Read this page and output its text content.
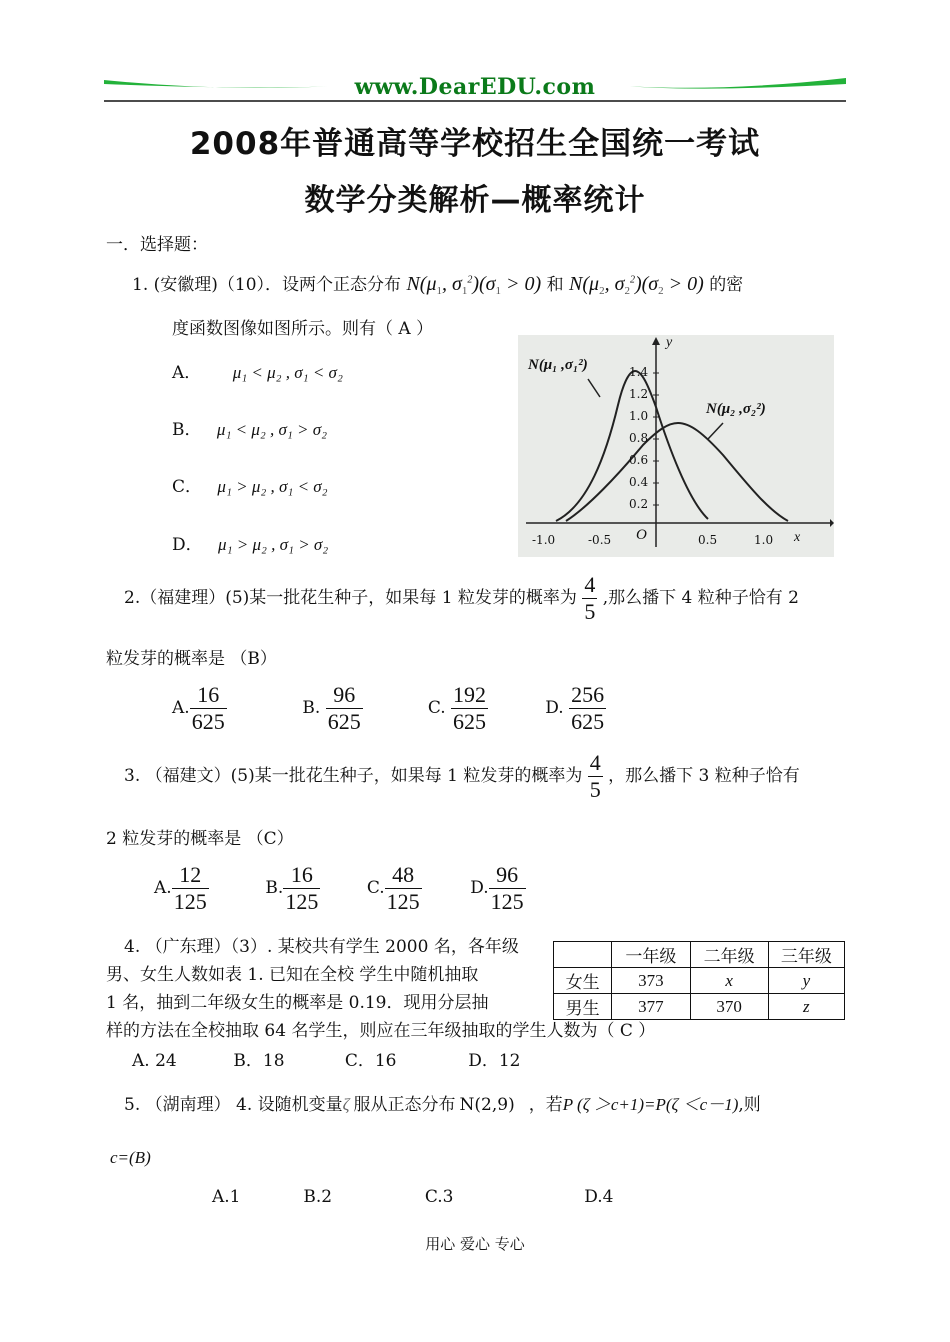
www.DearEDU.com
2008年普通高等学校招生全国统一考试
数学分类解析—概率统计
一．选择题：
1. (安徽理)（10）．设两个正态分布 $N(\mu_1$, $\sigma_1^2)(\sigma_1 > 0)$ 和 $N(\mu_2$, $\sigma_2^2)(\sigma_2 > 0)$ 的密
度函数图像如图所示。则有（ A ）
A． μ₁ < μ₂ , σ₁ < σ₂
B． μ₁ < μ₂ , σ₁ > σ₂
C． μ₁ > μ₂ , σ₁ < σ₂
D． μ₁ > μ₂ , σ₁ > σ₂
N(μ₁ ,σ₁²)
N(μ₂ ,σ₂²)
y
x
O
1.4
1.2
1.0
0.8
0.6
0.4
0.2
-1.0	-0.5	0.5	1.0
2.（福建理）(5)某一批花生种子，如果每 1 粒发芽的概率为 $\frac{4}{5}$ ,那么播下 4 粒种子恰有 2
粒发芽的概率是 （B）
A. $\frac{16}{625}$	B. $\frac{96}{625}$	C. $\frac{192}{625}$	D. $\frac{256}{625}$
3. （福建文）(5)某一批花生种子，如果每 1 粒发芽的概率为 $\frac{4}{5}$ ，那么播下 3 粒种子恰有
2 粒发芽的概率是 （C）
A. $\frac{12}{125}$	B. $\frac{16}{125}$	C. $\frac{48}{125}$	D. $\frac{96}{125}$
4. （广东理）（3）. 某校共有学生 2000 名，各年级
男、女生人数如表 1. 已知在全校 学生中随机抽取
1 名，抽到二年级女生的概率是 0.19．现用分层抽
样的方法在全校抽取 64 名学生，则应在三年级抽取的学生人数为（ C ）
A. 24	B．18	C．16	D．12
	一年级	二年级	三年级
女生	373	x	y
男生	377	370	z
5. （湖南理） 4. 设随机变量ζ 服从正态分布 N(2,9) ，若P (ζ ＞c+1)=P(ζ ＜c－1),则
c=(B)
A.1	B.2	C.3	D.4
用心 爱心 专心
